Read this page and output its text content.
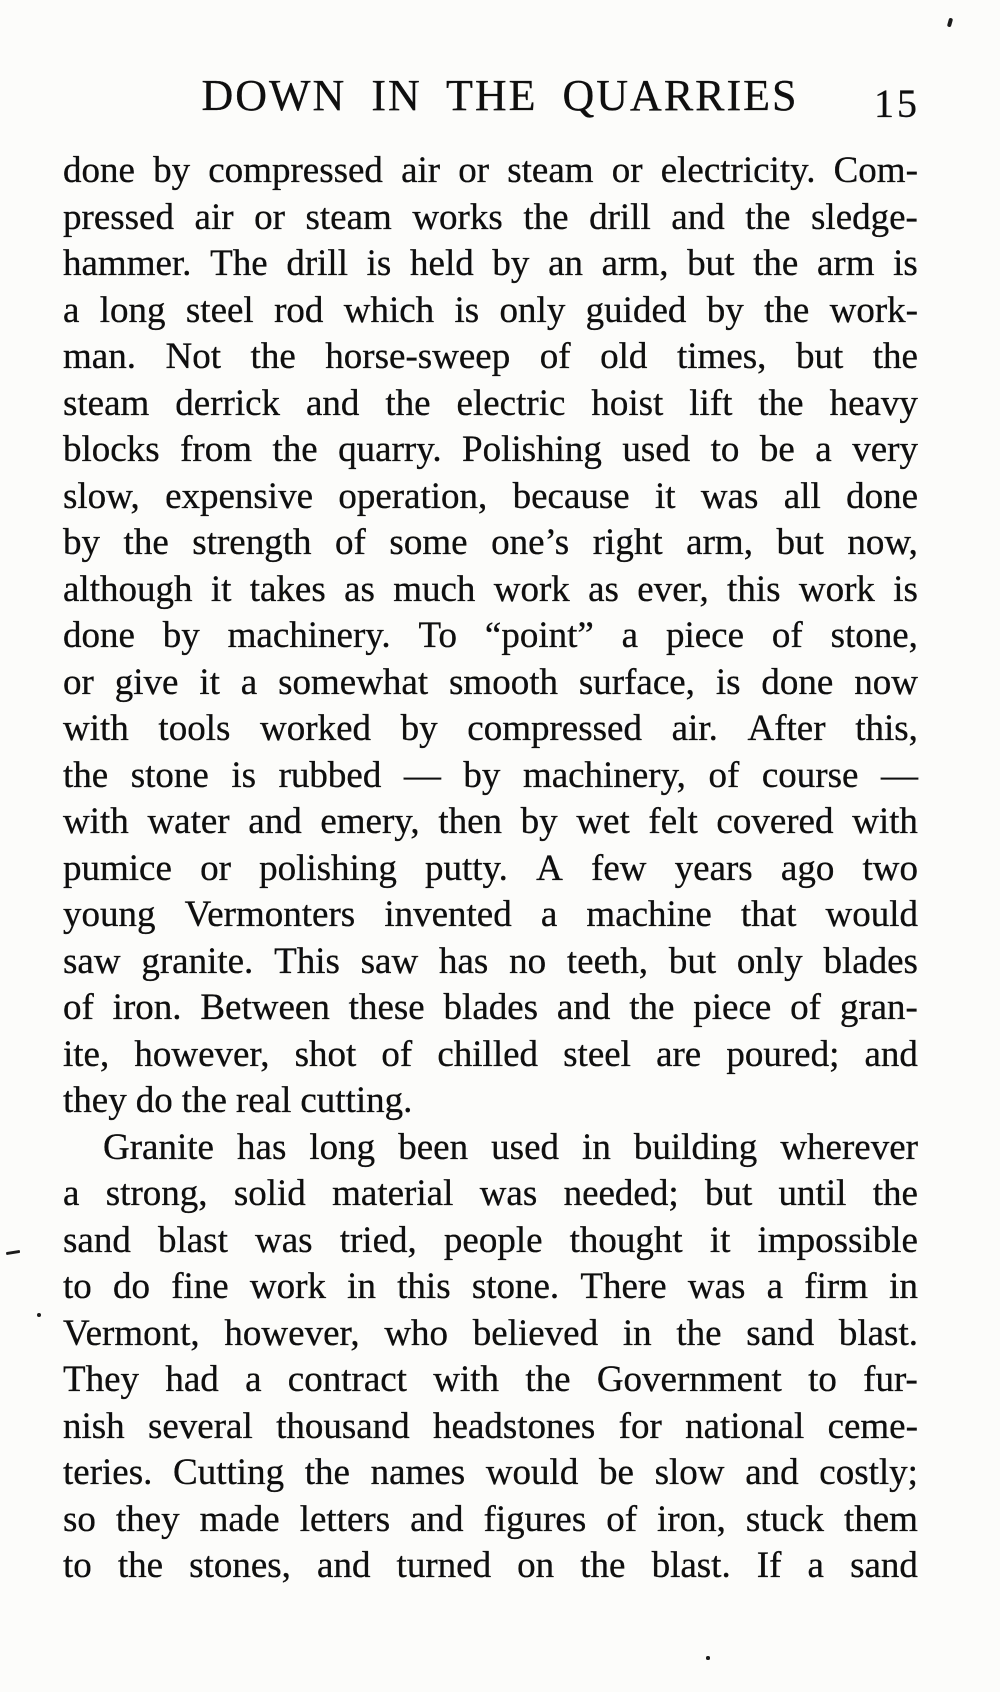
DOWN IN THE QUARRIES 15
done by compressed air or steam or electricity. Com-
pressed air or steam works the drill and the sledge-
hammer. The drill is held by an arm, but the arm is
a long steel rod which is only guided by the work-
man. Not the horse-sweep of old times, but the
steam derrick and the electric hoist lift the heavy
blocks from the quarry. Polishing used to be a very
slow, expensive operation, because it was all done
by the strength of some one’s right arm, but now,
although it takes as much work as ever, this work is
done by machinery. To “point” a piece of stone,
or give it a somewhat smooth surface, is done now
with tools worked by compressed air. After this,
the stone is rubbed — by machinery, of course —
with water and emery, then by wet felt covered with
pumice or polishing putty. A few years ago two
young Vermonters invented a machine that would
saw granite. This saw has no teeth, but only blades
of iron. Between these blades and the piece of gran-
ite, however, shot of chilled steel are poured; and
they do the real cutting.
Granite has long been used in building wherever
a strong, solid material was needed; but until the
sand blast was tried, people thought it impossible
to do fine work in this stone. There was a firm in
Vermont, however, who believed in the sand blast.
They had a contract with the Government to fur-
nish several thousand headstones for national ceme-
teries. Cutting the names would be slow and costly;
so they made letters and figures of iron, stuck them
to the stones, and turned on the blast. If a sand
